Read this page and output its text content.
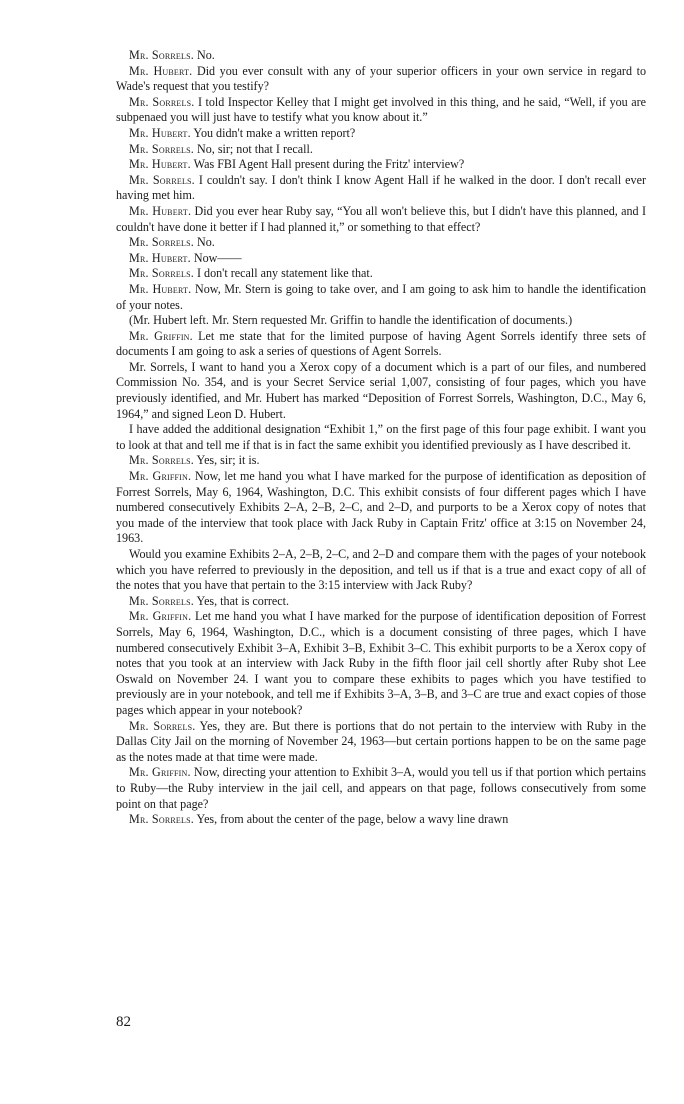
Mr. Sorrels. No.

Mr. Hubert. Did you ever consult with any of your superior officers in your own service in regard to Wade's request that you testify?

Mr. Sorrels. I told Inspector Kelley that I might get involved in this thing, and he said, “Well, if you are subpenaed you will just have to testify what you know about it.”

Mr. Hubert. You didn't make a written report?

Mr. Sorrels. No, sir; not that I recall.

Mr. Hubert. Was FBI Agent Hall present during the Fritz' interview?

Mr. Sorrels. I couldn't say. I don't think I know Agent Hall if he walked in the door. I don't recall ever having met him.

Mr. Hubert. Did you ever hear Ruby say, “You all won't believe this, but I didn't have this planned, and I couldn't have done it better if I had planned it,” or something to that effect?

Mr. Sorrels. No.

Mr. Hubert. Now——

Mr. Sorrels. I don't recall any statement like that.

Mr. Hubert. Now, Mr. Stern is going to take over, and I am going to ask him to handle the identification of your notes.

(Mr. Hubert left. Mr. Stern requested Mr. Griffin to handle the identification of documents.)

Mr. Griffin. Let me state that for the limited purpose of having Agent Sorrels identify three sets of documents I am going to ask a series of questions of Agent Sorrels.

Mr. Sorrels, I want to hand you a Xerox copy of a document which is a part of our files, and numbered Commission No. 354, and is your Secret Service serial 1,007, consisting of four pages, which you have previously identified, and Mr. Hubert has marked “Deposition of Forrest Sorrels, Washington, D.C., May 6, 1964,” and signed Leon D. Hubert.

I have added the additional designation “Exhibit 1,” on the first page of this four page exhibit. I want you to look at that and tell me if that is in fact the same exhibit you identified previously as I have described it.

Mr. Sorrels. Yes, sir; it is.

Mr. Griffin. Now, let me hand you what I have marked for the purpose of identification as deposition of Forrest Sorrels, May 6, 1964, Washington, D.C. This exhibit consists of four different pages which I have numbered consecutively Exhibits 2–A, 2–B, 2–C, and 2–D, and purports to be a Xerox copy of notes that you made of the interview that took place with Jack Ruby in Captain Fritz' office at 3:15 on November 24, 1963.

Would you examine Exhibits 2–A, 2–B, 2–C, and 2–D and compare them with the pages of your notebook which you have referred to previously in the deposition, and tell us if that is a true and exact copy of all of the notes that you have that pertain to the 3:15 interview with Jack Ruby?

Mr. Sorrels. Yes, that is correct.

Mr. Griffin. Let me hand you what I have marked for the purpose of identification deposition of Forrest Sorrels, May 6, 1964, Washington, D.C., which is a document consisting of three pages, which I have numbered consecutively Exhibit 3–A, Exhibit 3–B, Exhibit 3–C. This exhibit purports to be a Xerox copy of notes that you took at an interview with Jack Ruby in the fifth floor jail cell shortly after Ruby shot Lee Oswald on November 24. I want you to compare these exhibits to pages which you have testified to previously are in your notebook, and tell me if Exhibits 3–A, 3–B, and 3–C are true and exact copies of those pages which appear in your notebook?

Mr. Sorrels. Yes, they are. But there is portions that do not pertain to the interview with Ruby in the Dallas City Jail on the morning of November 24, 1963—but certain portions happen to be on the same page as the notes made at that time were made.

Mr. Griffin. Now, directing your attention to Exhibit 3–A, would you tell us if that portion which pertains to Ruby—the Ruby interview in the jail cell, and appears on that page, follows consecutively from some point on that page?

Mr. Sorrels. Yes, from about the center of the page, below a wavy line drawn

82
